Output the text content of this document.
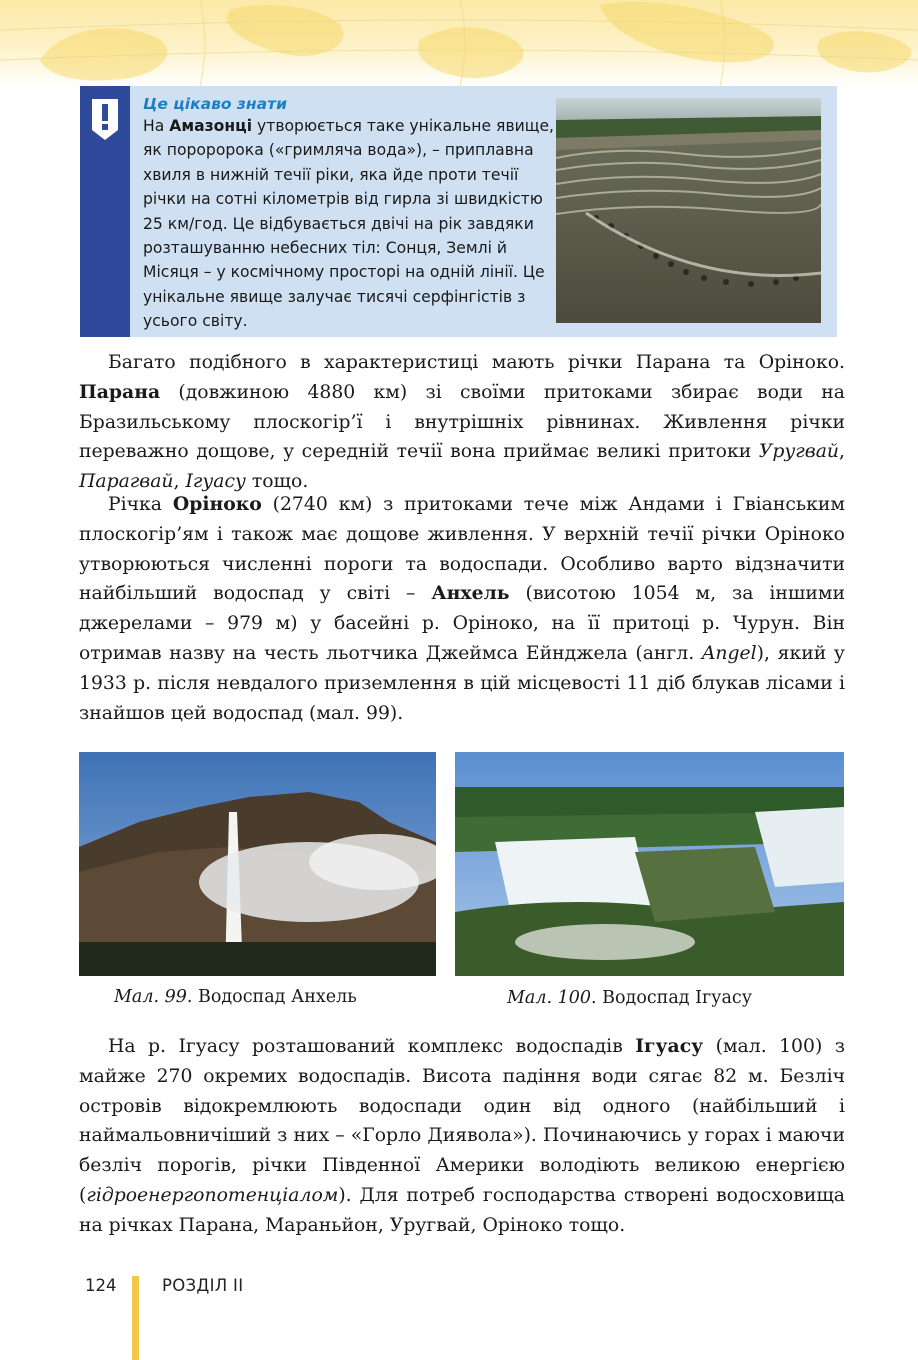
Це цікаво знати
На Амазонці утворюється таке унікальне явище, як пороророка («гримляча вода»), – приплавна хвиля в нижній течії ріки, яка йде проти течії річки на сотні кілометрів від гирла зі швидкістю 25 км/год. Це відбувається двічі на рік завдяки розташуванню небесних тіл: Сонця, Землі й Місяця – у космічному просторі на одній лінії. Це унікальне явище залучає тисячі серфінгістів з усього світу.

Багато подібного в характеристиці мають річки Парана та Оріноко. Парана (довжиною 4880 км) зі своїми притоками збирає води на Бразильському плоскогір’ї і внутрішніх рівнинах. Живлення річки переважно дощове, у середній течії вона приймає великі притоки Уругвай, Парагвай, Ігуасу тощо.

Річка Оріноко (2740 км) з притоками тече між Андами і Гвіанським плоскогір’ям і також має дощове живлення. У верхній течії річки Оріноко утворюються численні пороги та водоспади. Особливо варто відзначити найбільший водоспад у світі – Анхель (висотою 1054 м, за іншими джерелами – 979 м) у басейні р. Оріноко, на її притоці р. Чурун. Він отримав назву на честь льотчика Джеймса Ейнджела (англ. Angel), який у 1933 р. після невдалого приземлення в цій місцевості 11 діб блукав лісами і знайшов цей водоспад (мал. 99).

Мал. 99. Водоспад Анхель	Мал. 100. Водоспад Ігуасу

На р. Ігуасу розташований комплекс водоспадів Ігуасу (мал. 100) з майже 270 окремих водоспадів. Висота падіння води сягає 82 м. Безліч островів відокремлюють водоспади один від одного (найбільший і наймальовничіший з них – «Горло Диявола»). Починаючись у горах і маючи безліч порогів, річки Південної Америки володіють великою енергією (гідроенергопотенціалом). Для потреб господарства створені водосховища на річках Парана, Мараньйон, Уругвай, Оріноко тощо.

124	РОЗДІЛ II
